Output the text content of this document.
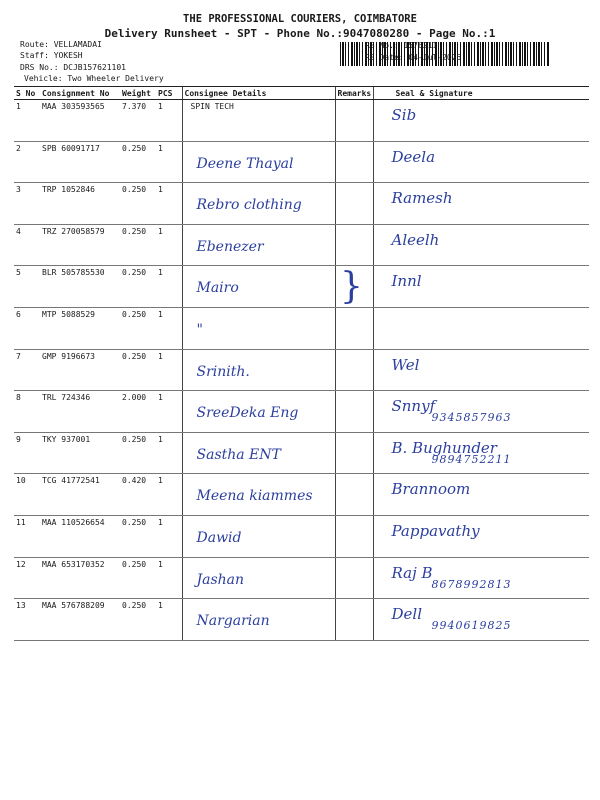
THE PROFESSIONAL COURIERS, COIMBATORE
Delivery Runsheet - SPT - Phone No.:9047080280 - Page No.:1
Route: VELLAMADAI
Staff: YOKESH
DRS No.: DCJB157621101
Vehicle: Two Wheeler Delivery
RS No.: 1576211
RS Date: 04-Jul-2025
S No	Consignment No	Weight	PCS	Consignee Details	Remarks	Seal & Signature
1	MAA 303593565	7.370	1	SPIN TECH		Sib

2	SPB 60091717	0.250	1	Deene Thayal		Deela

3	TRP 1052846	0.250	1	Rebro clothing		Ramesh

4	TRZ 270058579	0.250	1	Ebenezer		Aleelh

5	BLR 505785530	0.250	1	Mairo		Innl

6	MTP 5088529	0.250	1	"		

7	GMP 9196673	0.250	1	Srinith.		Wel

8	TRL 724346	2.000	1	SreeDeka Eng		Snnyf
9345857963

9	TKY 937001	0.250	1	Sastha ENT		B. Bughunder
9894752211

10	TCG 41772541	0.420	1	Meena kiammes		Brannoom

11	MAA 110526654	0.250	1	Dawid		Pappavathy

12	MAA 653170352	0.250	1	Jashan		Raj B
8678992813

13	MAA 576788209	0.250	1	Nargarian		Dell
9940619825
}
